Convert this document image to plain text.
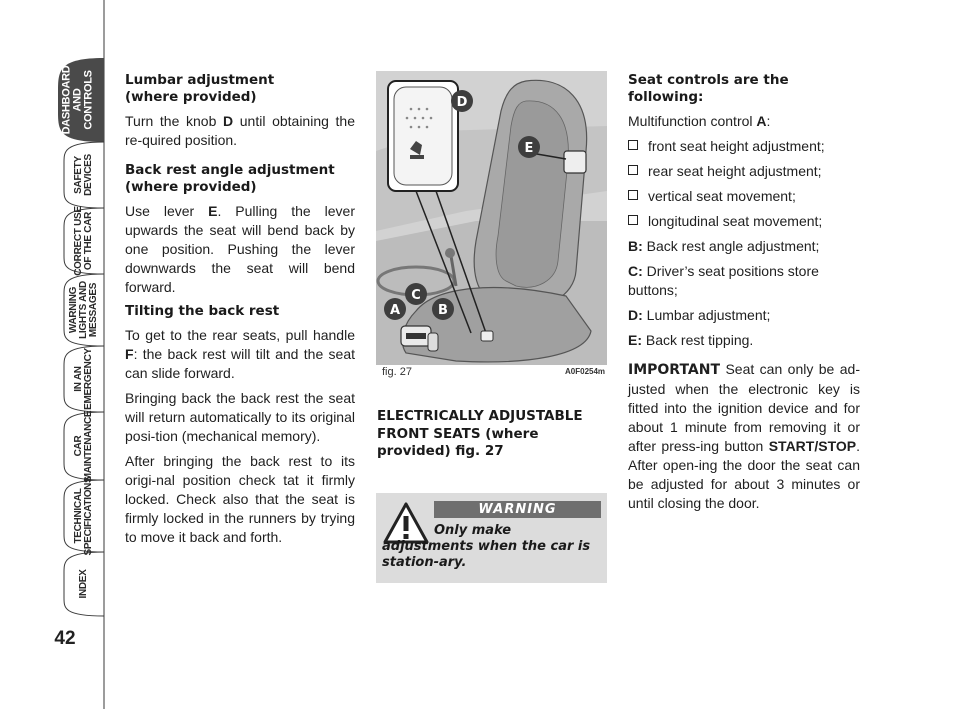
DASHBOARD AND CONTROLS
SAFETY DEVICES
CORRECT USE OF THE CAR
WARNING LIGHTS AND MESSAGES
IN AN EMERGENCY
CAR MAINTENANCE
TECHNICAL SPECIFICATIONS
INDEX
42
Lumbar adjustment
(where provided)

Turn the knob D until obtaining the re-quired position.

Back rest angle adjustment
(where provided)

Use lever E. Pulling the lever upwards the seat will bend back by one position. Pushing the lever downwards the seat will bend forward.

Tilting the back rest

To get to the rear seats, pull handle F: the back rest will tilt and the seat can slide forward.

Bringing back the back rest the seat will return automatically to its original posi-tion (mechanical memory).

After bringing the back rest to its origi-nal position check tat it firmly locked. Check also that the seat is firmly locked in the runners by trying to move it back and forth.

D
E
C
A	B
fig. 27	A0F0254m
ELECTRICALLY ADJUSTABLE
FRONT SEATS (where
provided) fig. 27
WARNING
Only make adjustments when the car is station-ary.
Seat controls are the
following:

Multifunction control A:

front seat height adjustment;
rear seat height adjustment;
vertical seat movement;
longitudinal seat movement;
B: Back rest angle adjustment;
C: Driver’s seat positions store buttons;
D: Lumbar adjustment;
E: Back rest tipping.

IMPORTANT Seat can only be ad-justed when the electronic key is fitted into the ignition device and for about 1 minute from removing it or after press-ing button START/STOP. After open-ing the door the seat can be adjusted for about 3 minutes or until closing the door.
